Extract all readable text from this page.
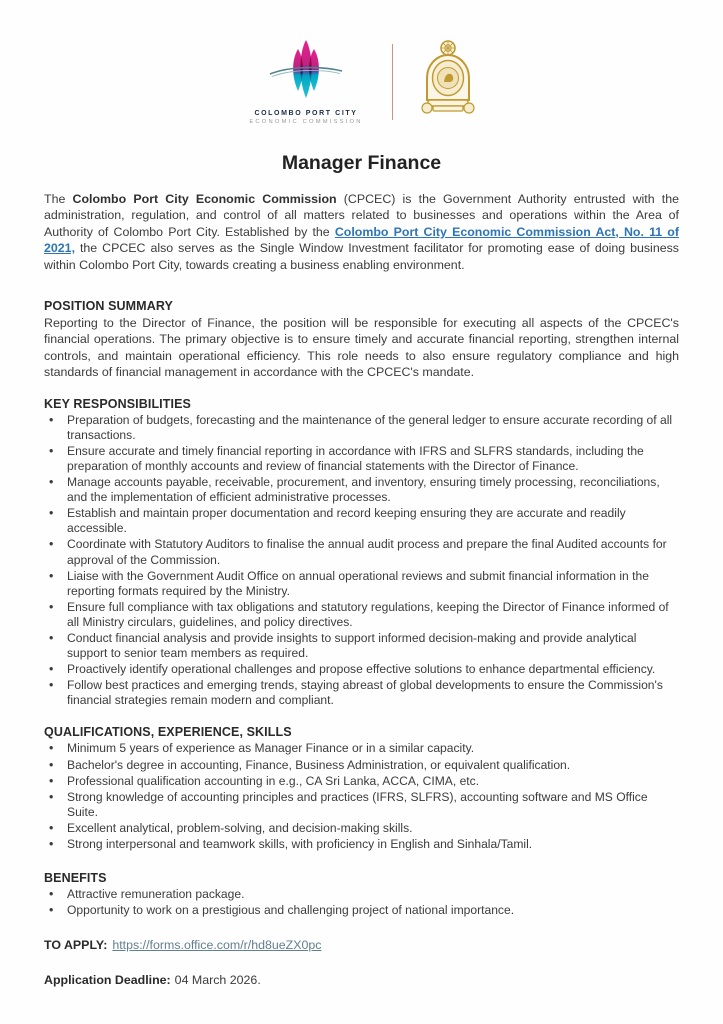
COLOMBO PORT CITY
ECONOMIC COMMISSION
Manager Finance
The Colombo Port City Economic Commission (CPCEC) is the Government Authority entrusted with the administration, regulation, and control of all matters related to businesses and operations within the Area of Authority of Colombo Port City. Established by the Colombo Port City Economic Commission Act, No. 11 of 2021, the CPCEC also serves as the Single Window Investment facilitator for promoting ease of doing business within Colombo Port City, towards creating a business enabling environment.
POSITION SUMMARY
Reporting to the Director of Finance, the position will be responsible for executing all aspects of the CPCEC's financial operations. The primary objective is to ensure timely and accurate financial reporting, strengthen internal controls, and maintain operational efficiency. This role needs to also ensure regulatory compliance and high standards of financial management in accordance with the CPCEC's mandate.
KEY RESPONSIBILITIES
• Preparation of budgets, forecasting and the maintenance of the general ledger to ensure accurate recording of all transactions.
• Ensure accurate and timely financial reporting in accordance with IFRS and SLFRS standards, including the preparation of monthly accounts and review of financial statements with the Director of Finance.
• Manage accounts payable, receivable, procurement, and inventory, ensuring timely processing, reconciliations, and the implementation of efficient administrative processes.
• Establish and maintain proper documentation and record keeping ensuring they are accurate and readily accessible.
• Coordinate with Statutory Auditors to finalise the annual audit process and prepare the final Audited accounts for approval of the Commission.
• Liaise with the Government Audit Office on annual operational reviews and submit financial information in the reporting formats required by the Ministry.
• Ensure full compliance with tax obligations and statutory regulations, keeping the Director of Finance informed of all Ministry circulars, guidelines, and policy directives.
• Conduct financial analysis and provide insights to support informed decision-making and provide analytical support to senior team members as required.
• Proactively identify operational challenges and propose effective solutions to enhance departmental efficiency.
• Follow best practices and emerging trends, staying abreast of global developments to ensure the Commission's financial strategies remain modern and compliant.
QUALIFICATIONS, EXPERIENCE, SKILLS
• Minimum 5 years of experience as Manager Finance or in a similar capacity.
• Bachelor's degree in accounting, Finance, Business Administration, or equivalent qualification.
• Professional qualification accounting in e.g., CA Sri Lanka, ACCA, CIMA, etc.
• Strong knowledge of accounting principles and practices (IFRS, SLFRS), accounting software and MS Office Suite.
• Excellent analytical, problem-solving, and decision-making skills.
• Strong interpersonal and teamwork skills, with proficiency in English and Sinhala/Tamil.
BENEFITS
• Attractive remuneration package.
• Opportunity to work on a prestigious and challenging project of national importance.
TO APPLY: https://forms.office.com/r/hd8ueZX0pc
Application Deadline: 04 March 2026.
